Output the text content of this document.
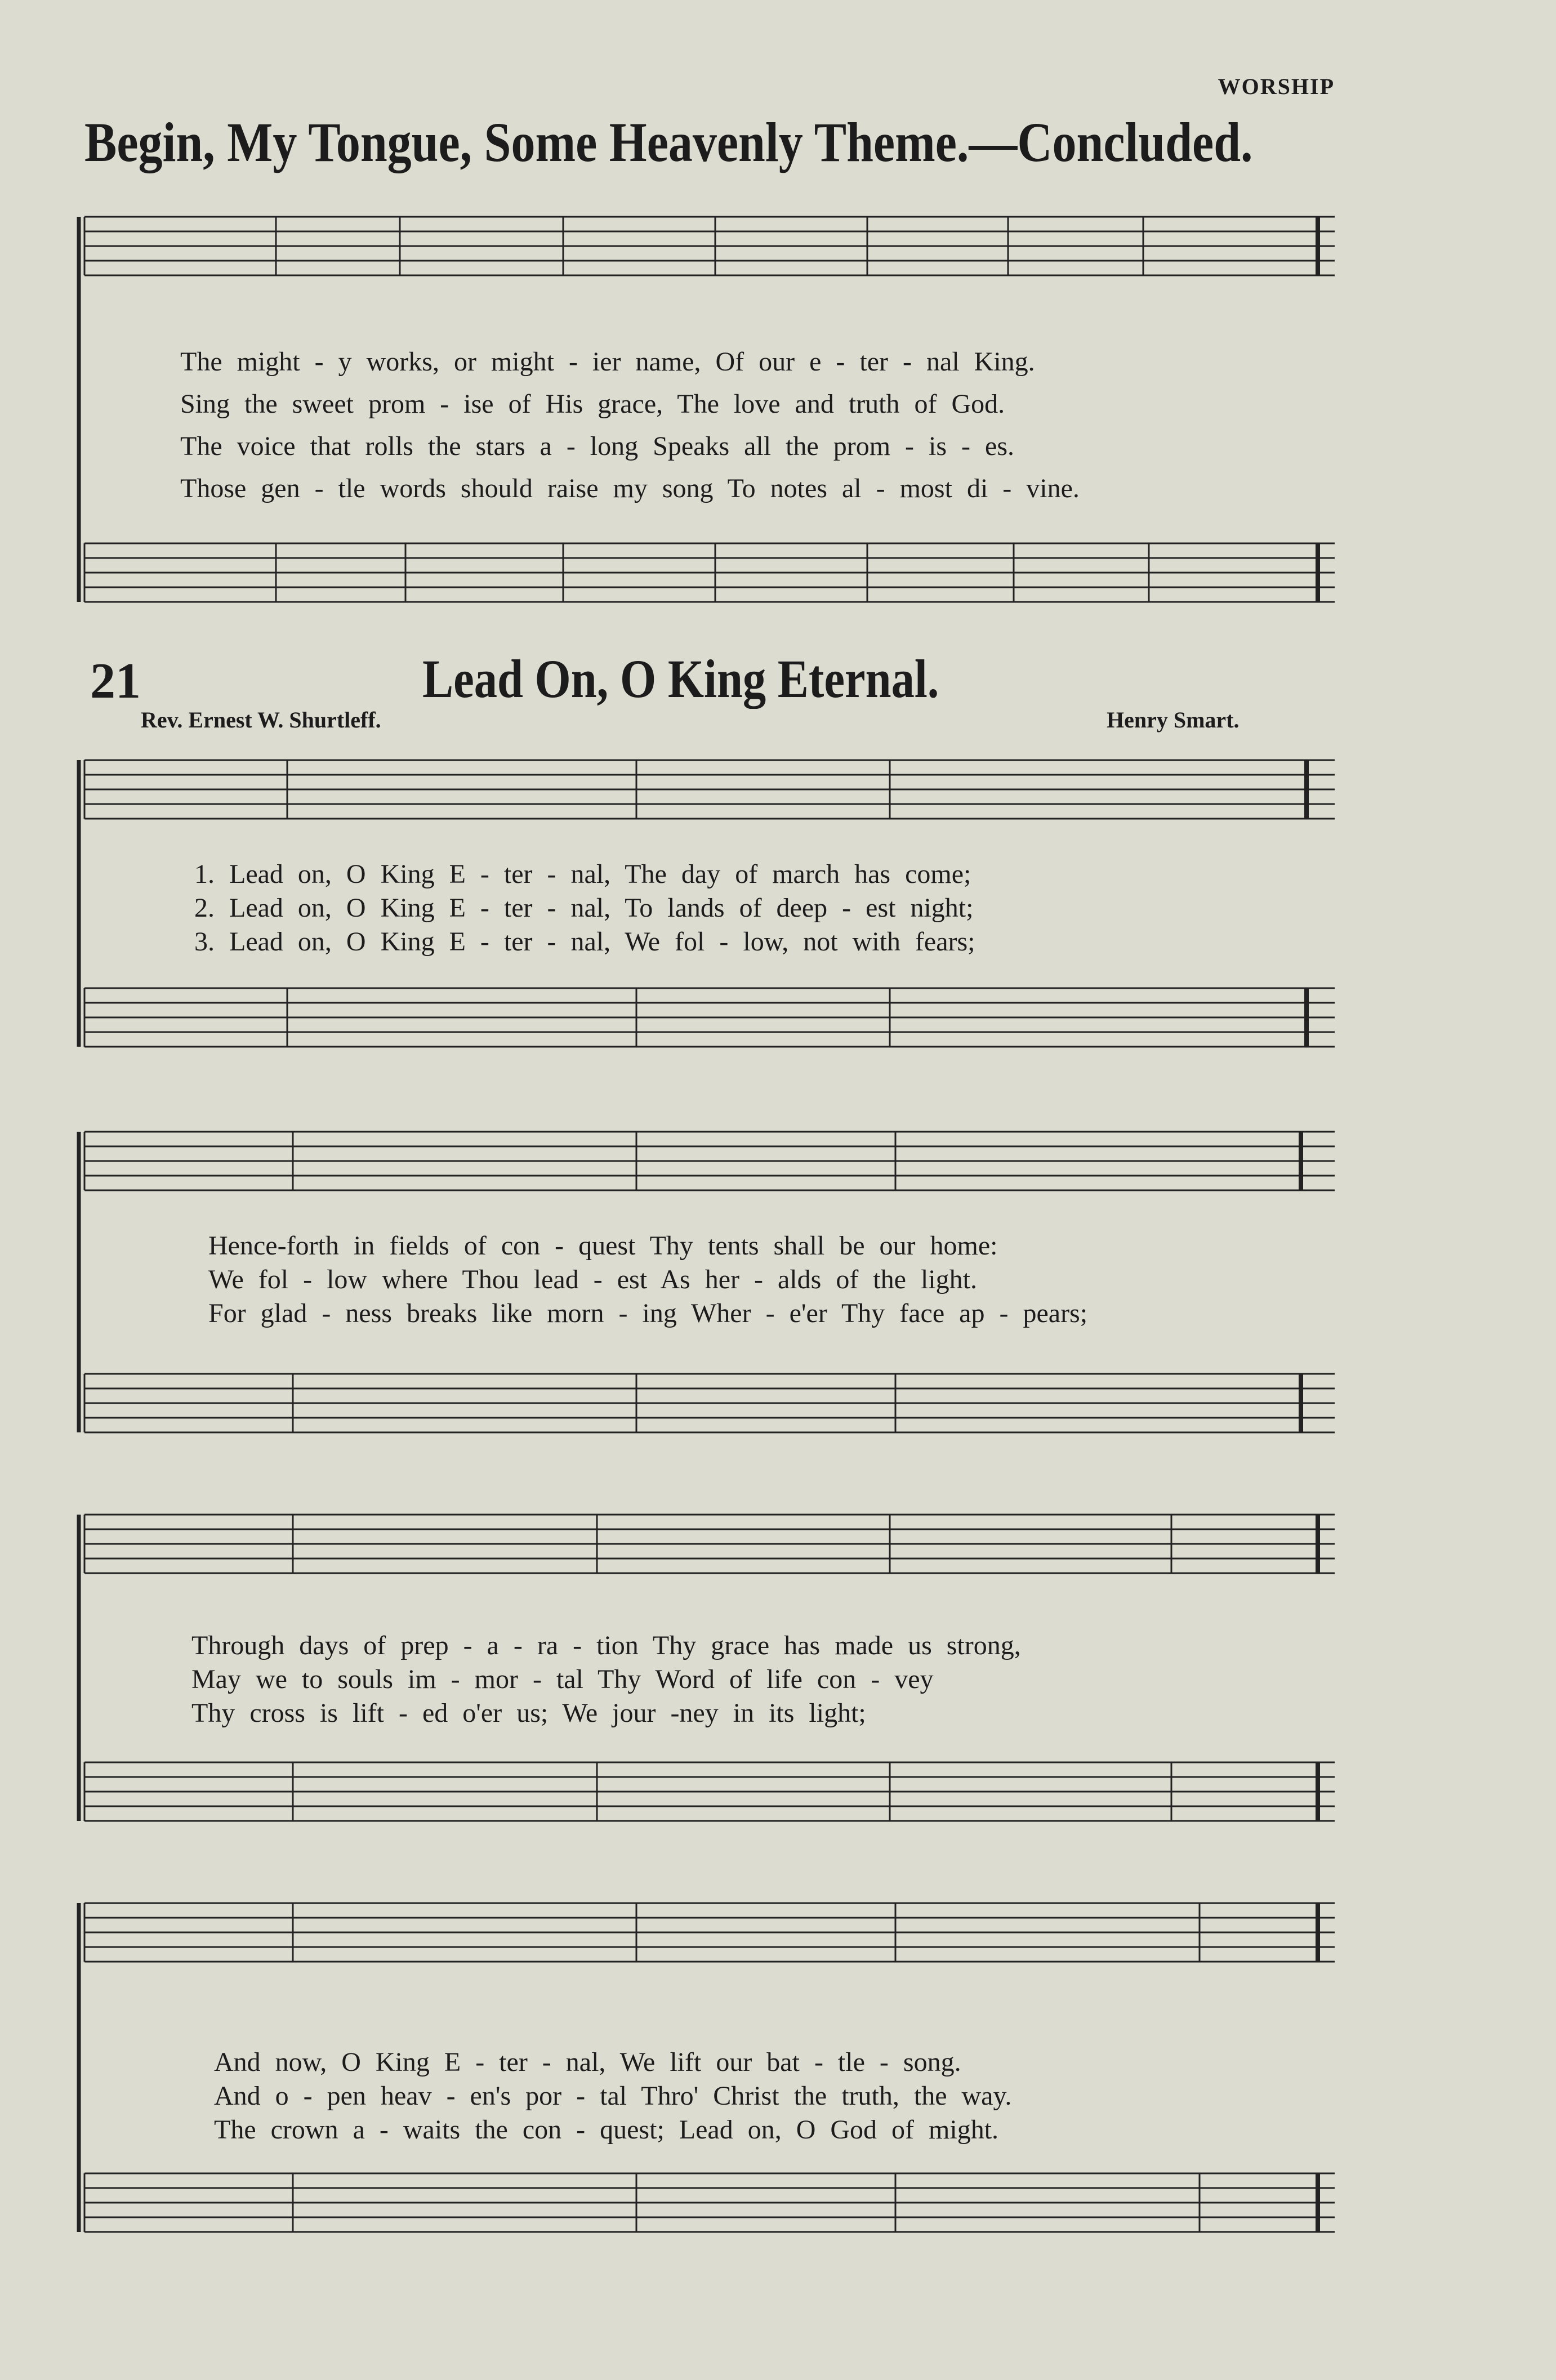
WORSHIP
Begin, My Tongue, Some Heavenly Theme.—Concluded.
The might - y works, or might - ier name, Of our e - ter - nal King.
Sing the sweet prom - ise of His grace, The love and truth of God.
The voice that rolls the stars a - long Speaks all the prom - is - es.
Those gen - tle words should raise my song To notes al - most di - vine.
21	Lead On, O King Eternal.
Rev. Ernest W. Shurtleff.	Henry Smart.
1. Lead on, O King E - ter - nal, The day of march has come;
2. Lead on, O King E - ter - nal, To lands of deep - est night;
3. Lead on, O King E - ter - nal, We fol - low, not with fears;
Hence-forth in fields of con - quest Thy tents shall be our home:
We fol - low where Thou lead - est As her - alds of the light.
For glad - ness breaks like morn - ing Wher - e'er Thy face ap - pears;
Through days of prep - a - ra - tion Thy grace has made us strong,
May we to souls im - mor - tal Thy Word of life con - vey
Thy cross is lift - ed o'er us; We jour -ney in its light;
And now, O King E - ter - nal, We lift our bat - tle - song.
And o - pen heav - en's por - tal Thro' Christ the truth, the way.
The crown a - waits the con - quest; Lead on, O God of might.
